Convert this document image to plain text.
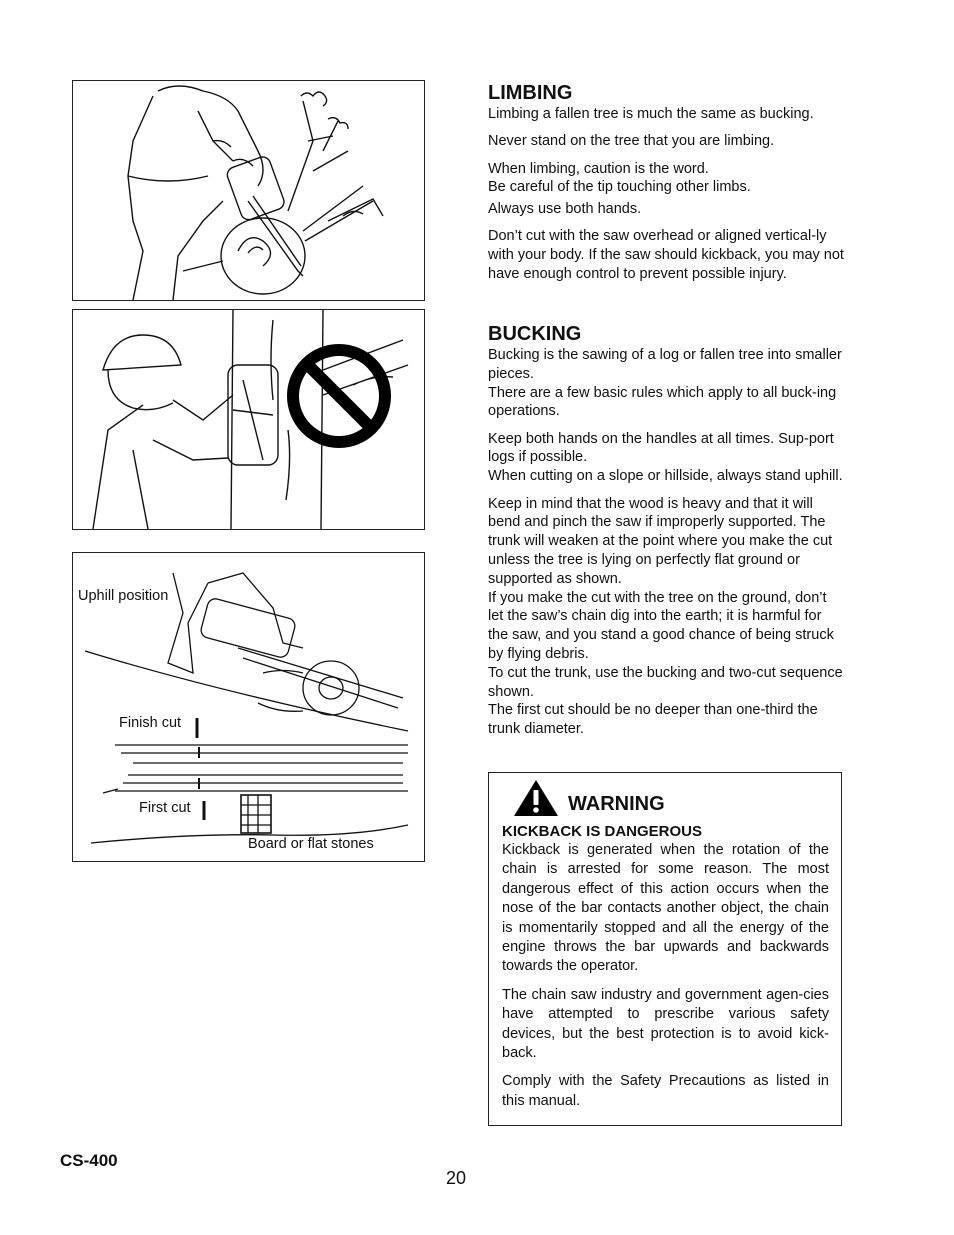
Uphill position
Finish cut
First cut
Board or flat stones
LIMBING

Limbing a fallen tree is much the same as bucking.

Never stand on the tree that you are limbing.

When limbing, caution is the word.

Be careful of the tip touching other limbs.

Always use both hands.

Don’t cut with the saw overhead or aligned vertical-ly with your body. If the saw should kickback, you may not have enough control to prevent possible injury.

BUCKING

Bucking is the sawing of a log or fallen tree into smaller pieces.

There are a few basic rules which apply to all buck-ing operations.

Keep both hands on the handles at all times. Sup-port logs if possible.

When cutting on a slope or hillside, always stand uphill.

Keep in mind that the wood is heavy and that it will bend and pinch the saw if improperly supported. The trunk will weaken at the point where you make the cut unless the tree is lying on perfectly flat ground or supported as shown.

If you make the cut with the tree on the ground, don’t let the saw’s chain dig into the earth; it is harmful for the saw, and you stand a good chance of being struck by flying debris.

To cut the trunk, use the bucking and two-cut sequence shown.

The first cut should be no deeper than one-third the trunk diameter.

WARNING
KICKBACK IS DANGEROUS

Kickback is generated when the rotation of the chain is arrested for some reason. The most dangerous effect of this action occurs when the nose of the bar contacts another object, the chain is momentarily stopped and all the energy of the engine throws the bar upwards and backwards towards the operator.

The chain saw industry and government agen-cies have attempted to prescribe various safety devices, but the best protection is to avoid kick-back.

Comply with the Safety Precautions as listed in this manual.

CS-400
20
